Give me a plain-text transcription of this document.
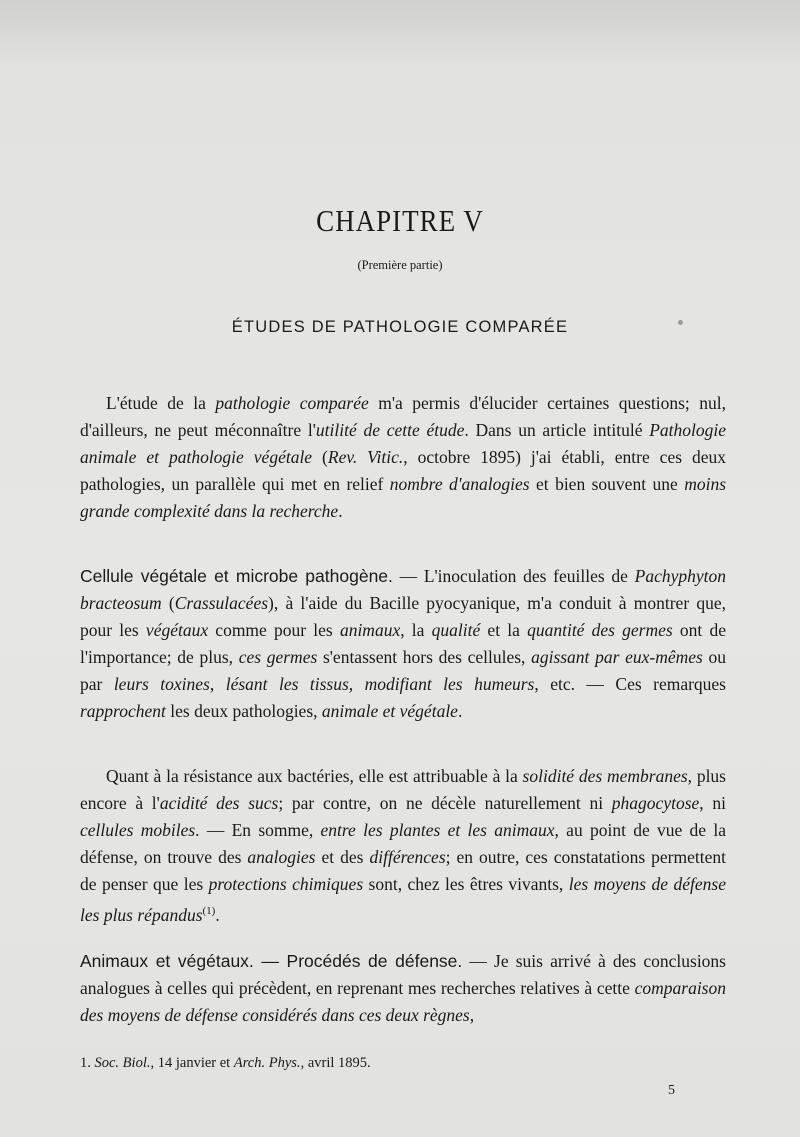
CHAPITRE V
(Première partie)
ÉTUDES DE PATHOLOGIE COMPARÉE
L'étude de la pathologie comparée m'a permis d'élucider certaines questions; nul, d'ailleurs, ne peut méconnaître l'utilité de cette étude. Dans un article intitulé Pathologie animale et pathologie végétale (Rev. Vitic., octobre 1895) j'ai établi, entre ces deux pathologies, un parallèle qui met en relief nombre d'analogies et bien souvent une moins grande complexité dans la recherche.
Cellule végétale et microbe pathogène. — L'inoculation des feuilles de Pachyphyton bracteosum (Crassulacées), à l'aide du Bacille pyocyanique, m'a conduit à montrer que, pour les végétaux comme pour les animaux, la qualité et la quantité des germes ont de l'importance; de plus, ces germes s'entassent hors des cellules, agissant par eux-mêmes ou par leurs toxines, lésant les tissus, modifiant les humeurs, etc. — Ces remarques rapprochent les deux pathologies, animale et végétale.
Quant à la résistance aux bactéries, elle est attribuable à la solidité des membranes, plus encore à l'acidité des sucs; par contre, on ne décèle naturellement ni phagocytose, ni cellules mobiles. — En somme, entre les plantes et les animaux, au point de vue de la défense, on trouve des analogies et des différences; en outre, ces constatations permettent de penser que les protections chimiques sont, chez les êtres vivants, les moyens de défense les plus répandus$^{(1)}$.
Animaux et végétaux. — Procédés de défense. — Je suis arrivé à des conclusions analogues à celles qui précèdent, en reprenant mes recherches relatives à cette comparaison des moyens de défense considérés dans ces deux règnes,
1. Soc. Biol., 14 janvier et Arch. Phys., avril 1895.
5
